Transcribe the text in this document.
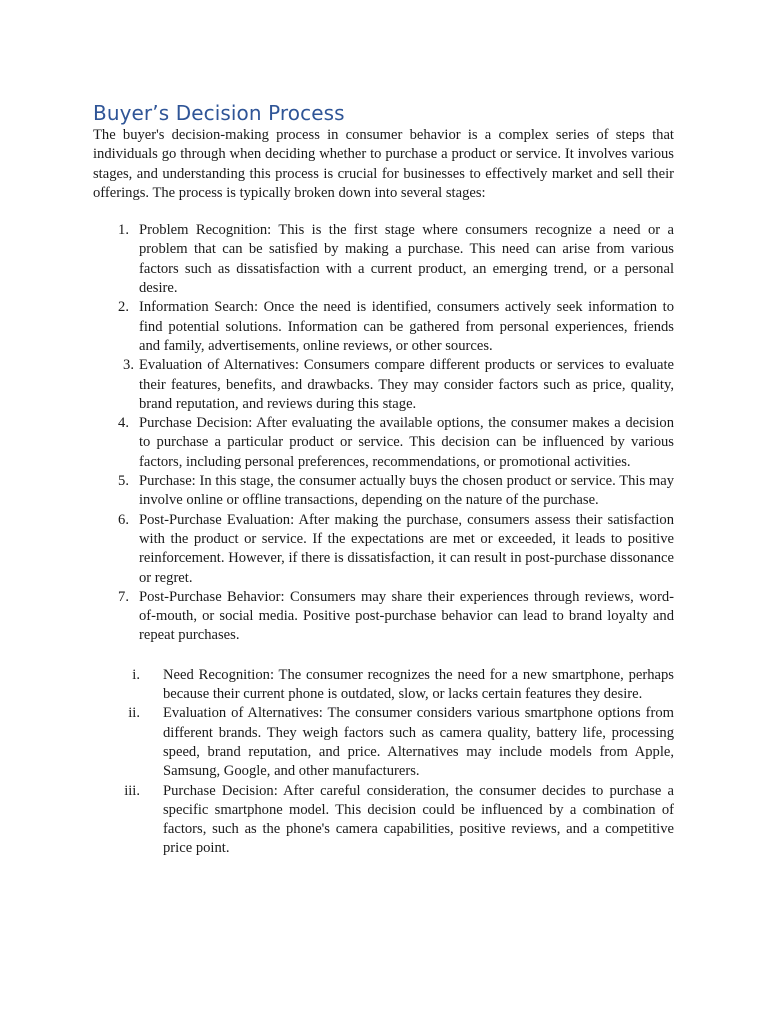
Buyer’s Decision Process

The buyer's decision-making process in consumer behavior is a complex series of steps that individuals go through when deciding whether to purchase a product or service. It involves various stages, and understanding this process is crucial for businesses to effectively market and sell their offerings. The process is typically broken down into several stages:

1. Problem Recognition: This is the first stage where consumers recognize a need or a problem that can be satisfied by making a purchase. This need can arise from various factors such as dissatisfaction with a current product, an emerging trend, or a personal desire.
2. Information Search: Once the need is identified, consumers actively seek information to find potential solutions. Information can be gathered from personal experiences, friends and family, advertisements, online reviews, or other sources.
3. Evaluation of Alternatives: Consumers compare different products or services to evaluate their features, benefits, and drawbacks. They may consider factors such as price, quality, brand reputation, and reviews during this stage.
4. Purchase Decision: After evaluating the available options, the consumer makes a decision to purchase a particular product or service. This decision can be influenced by various factors, including personal preferences, recommendations, or promotional activities.
5. Purchase: In this stage, the consumer actually buys the chosen product or service. This may involve online or offline transactions, depending on the nature of the purchase.
6. Post-Purchase Evaluation: After making the purchase, consumers assess their satisfaction with the product or service. If the expectations are met or exceeded, it leads to positive reinforcement. However, if there is dissatisfaction, it can result in post-purchase dissonance or regret.
7. Post-Purchase Behavior: Consumers may share their experiences through reviews, word-of-mouth, or social media. Positive post-purchase behavior can lead to brand loyalty and repeat purchases.
i. Need Recognition: The consumer recognizes the need for a new smartphone, perhaps because their current phone is outdated, slow, or lacks certain features they desire.
ii. Evaluation of Alternatives: The consumer considers various smartphone options from different brands. They weigh factors such as camera quality, battery life, processing speed, brand reputation, and price. Alternatives may include models from Apple, Samsung, Google, and other manufacturers.
iii. Purchase Decision: After careful consideration, the consumer decides to purchase a specific smartphone model. This decision could be influenced by a combination of factors, such as the phone's camera capabilities, positive reviews, and a competitive price point.
